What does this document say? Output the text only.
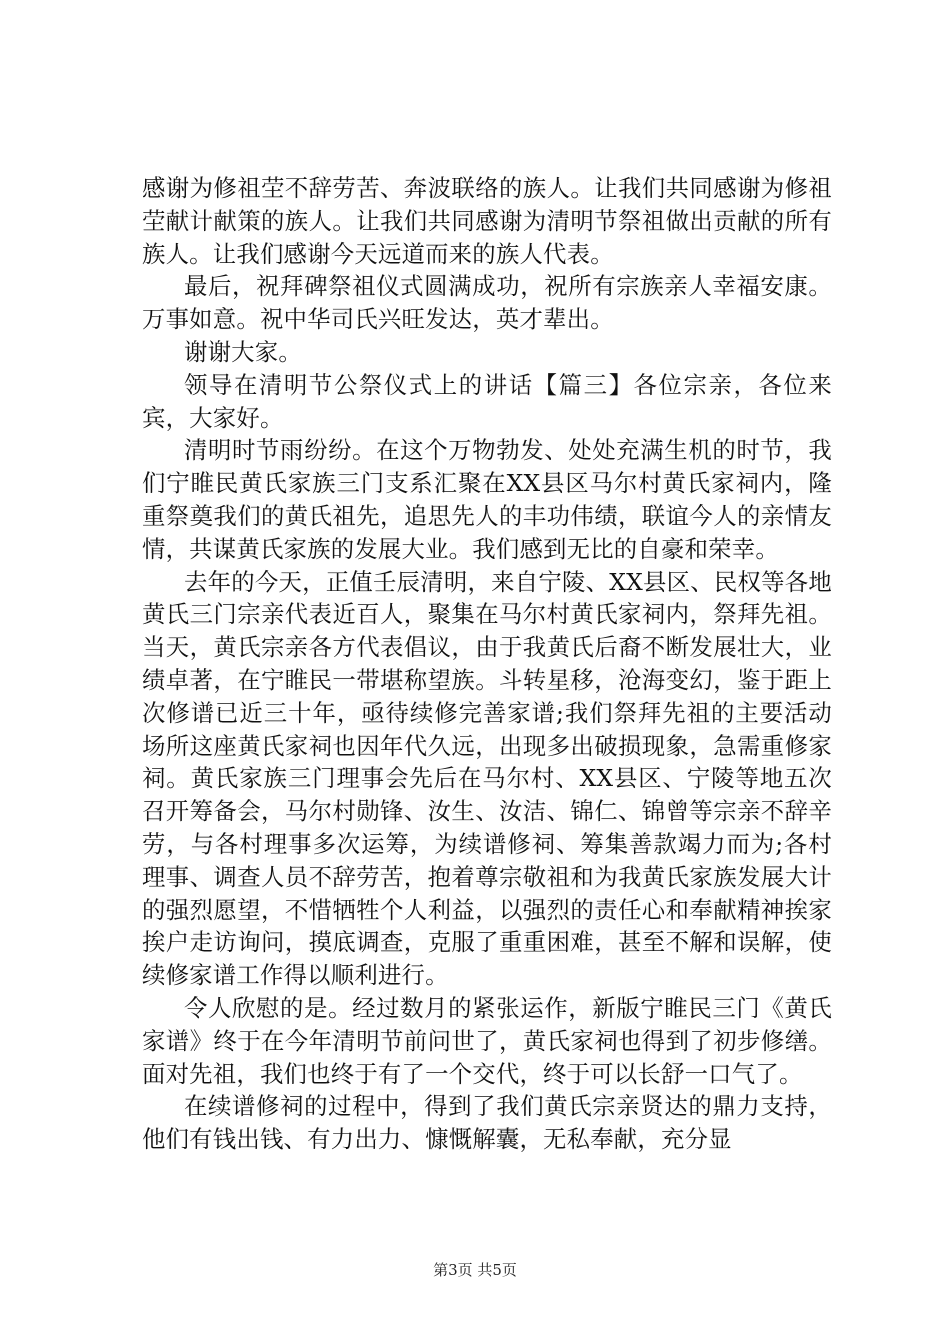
感谢为修祖茔不辞劳苦、奔波联络的族人。让我们共同感谢为修祖茔献计献策的族人。让我们共同感谢为清明节祭祖做出贡献的所有族人。让我们感谢今天远道而来的族人代表。

最后，祝拜碑祭祖仪式圆满成功，祝所有宗族亲人幸福安康。万事如意。祝中华司氏兴旺发达，英才辈出。

谢谢大家。

领导在清明节公祭仪式上的讲话【篇三】各位宗亲，各位来宾，大家好。

清明时节雨纷纷。在这个万物勃发、处处充满生机的时节，我们宁睢民黄氏家族三门支系汇聚在XX县区马尔村黄氏家祠内，隆重祭奠我们的黄氏祖先，追思先人的丰功伟绩，联谊今人的亲情友情，共谋黄氏家族的发展大业。我们感到无比的自豪和荣幸。

去年的今天，正值壬辰清明，来自宁陵、XX县区、民权等各地黄氏三门宗亲代表近百人，聚集在马尔村黄氏家祠内，祭拜先祖。当天，黄氏宗亲各方代表倡议，由于我黄氏后裔不断发展壮大，业绩卓著，在宁睢民一带堪称望族。斗转星移，沧海变幻，鉴于距上次修谱已近三十年，亟待续修完善家谱;我们祭拜先祖的主要活动场所这座黄氏家祠也因年代久远，出现多出破损现象，急需重修家祠。黄氏家族三门理事会先后在马尔村、XX县区、宁陵等地五次召开筹备会，马尔村勋锋、汝生、汝洁、锦仁、锦曾等宗亲不辞辛劳，与各村理事多次运筹，为续谱修祠、筹集善款竭力而为;各村理事、调查人员不辞劳苦，抱着尊宗敬祖和为我黄氏家族发展大计的强烈愿望，不惜牺牲个人利益，以强烈的责任心和奉献精神挨家挨户走访询问，摸底调查，克服了重重困难，甚至不解和误解，使续修家谱工作得以顺利进行。

令人欣慰的是。经过数月的紧张运作，新版宁睢民三门《黄氏家谱》终于在今年清明节前问世了，黄氏家祠也得到了初步修缮。面对先祖，我们也终于有了一个交代，终于可以长舒一口气了。

在续谱修祠的过程中，得到了我们黄氏宗亲贤达的鼎力支持，他们有钱出钱、有力出力、慷慨解囊，无私奉献，充分显

第3页 共5页
